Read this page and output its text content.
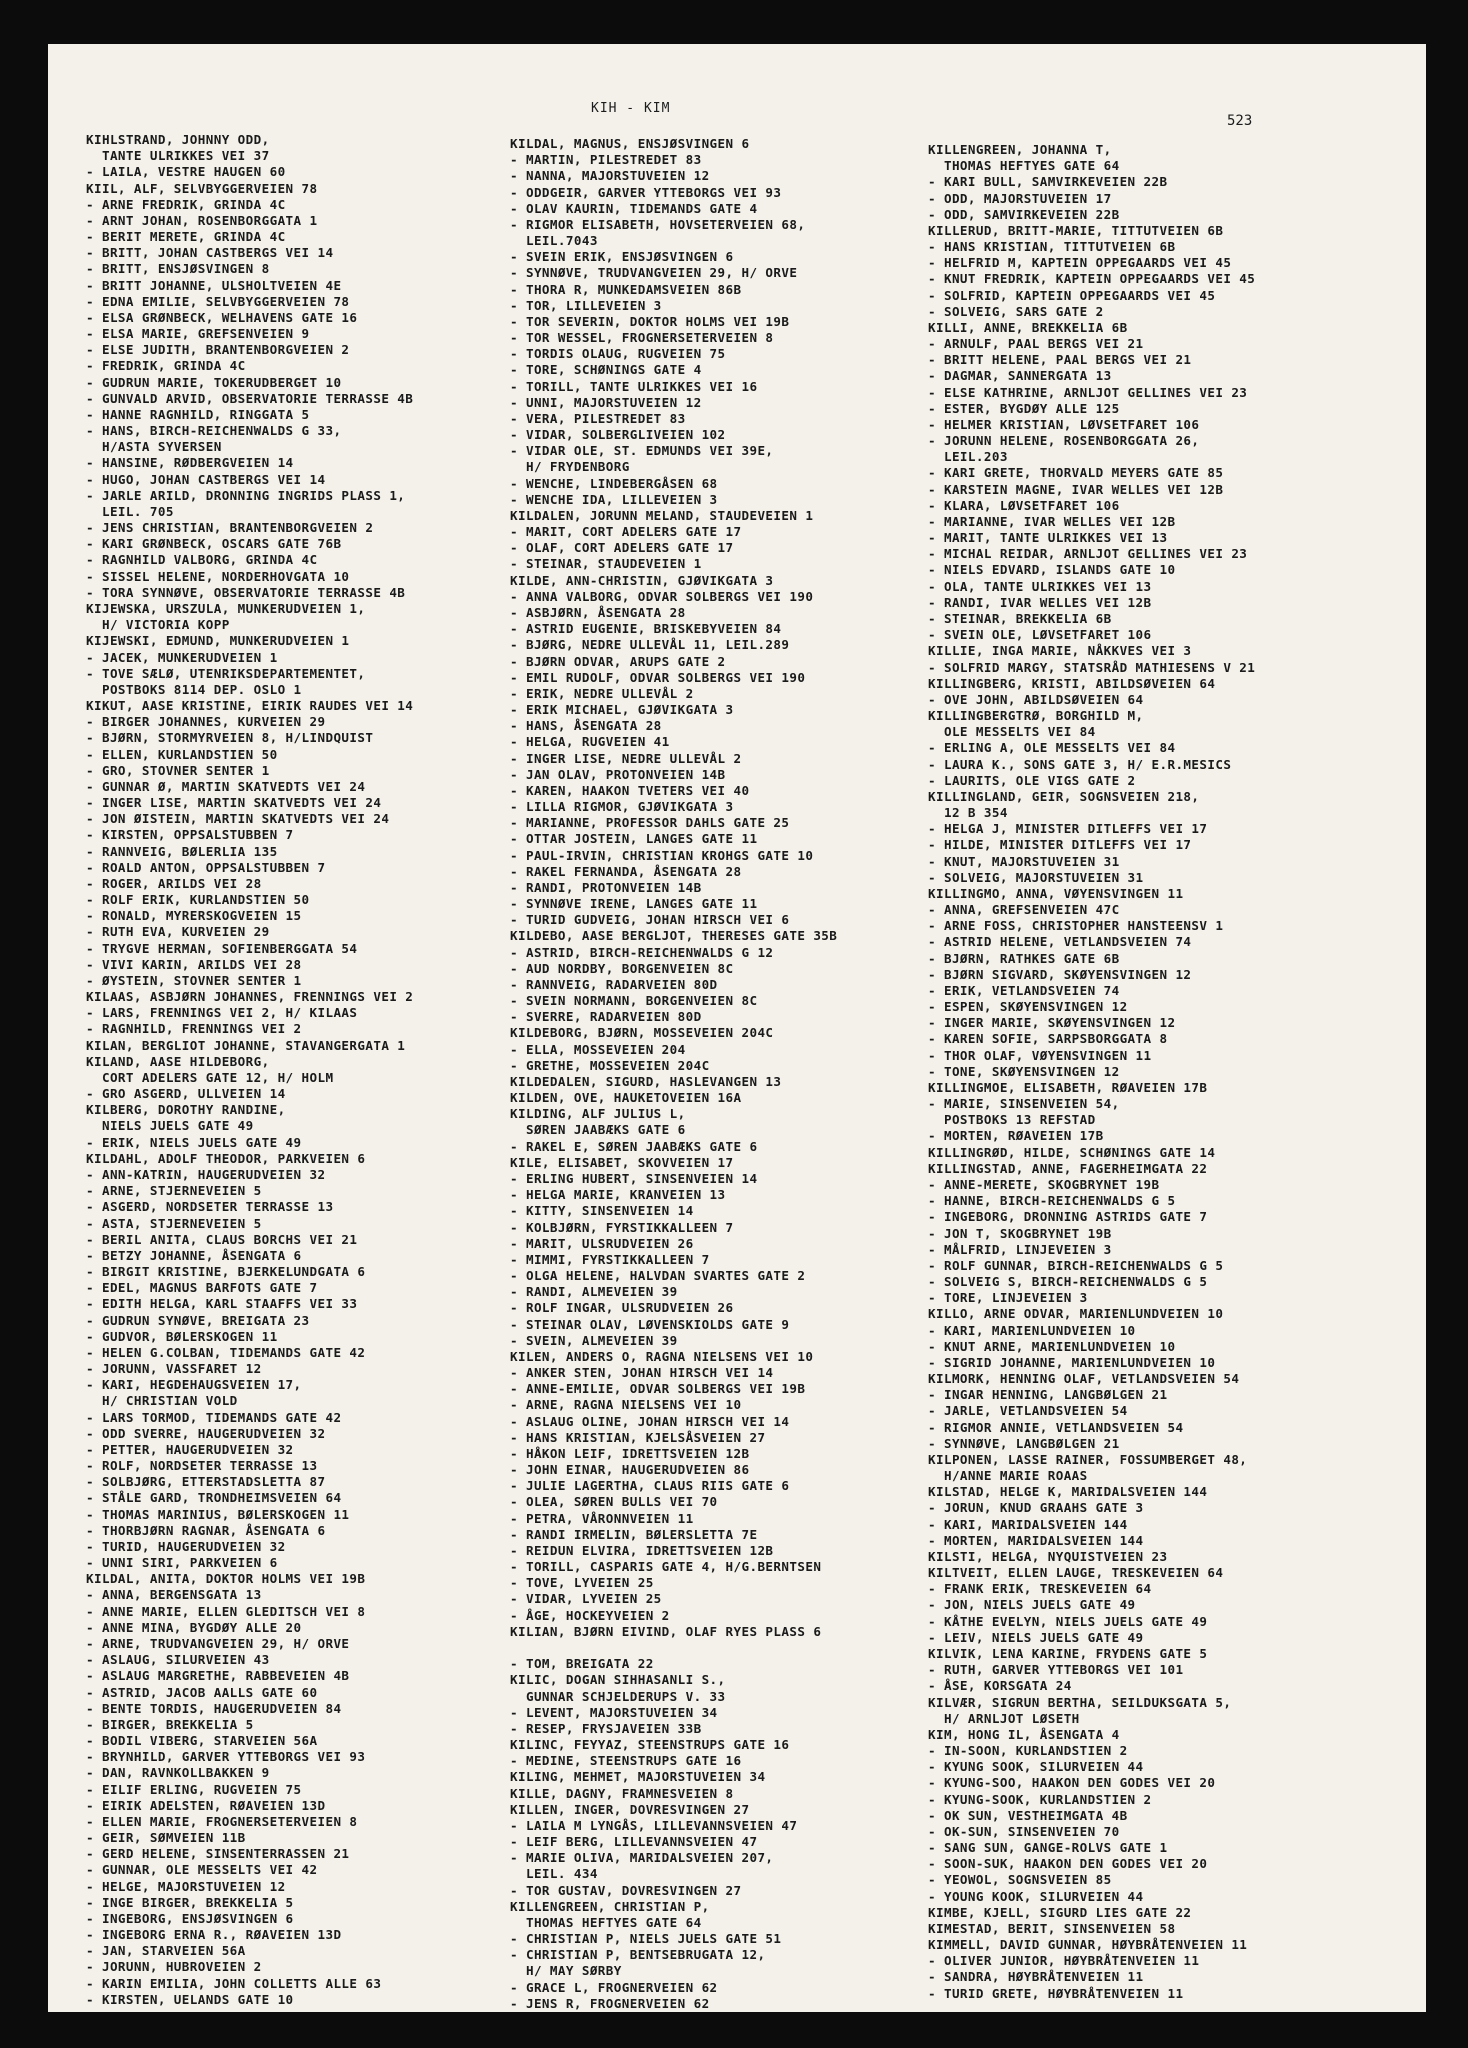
KIH - KIM
523
KIHLSTRAND, JOHNNY ODD,
TANTE ULRIKKES VEI 37
- LAILA, VESTRE HAUGEN 60
KIIL, ALF, SELVBYGGERVEIEN 78
- ARNE FREDRIK, GRINDA 4C
- ARNT JOHAN, ROSENBORGGATA 1
- BERIT MERETE, GRINDA 4C
- BRITT, JOHAN CASTBERGS VEI 14
- BRITT, ENSJØSVINGEN 8
- BRITT JOHANNE, ULSHOLTVEIEN 4E
- EDNA EMILIE, SELVBYGGERVEIEN 78
- ELSA GRØNBECK, WELHAVENS GATE 16
- ELSA MARIE, GREFSENVEIEN 9
- ELSE JUDITH, BRANTENBORGVEIEN 2
- FREDRIK, GRINDA 4C
- GUDRUN MARIE, TOKERUDBERGET 10
- GUNVALD ARVID, OBSERVATORIE TERRASSE 4B
- HANNE RAGNHILD, RINGGATA 5
- HANS, BIRCH-REICHENWALDS G 33,
H/ASTA SYVERSEN
- HANSINE, RØDBERGVEIEN 14
- HUGO, JOHAN CASTBERGS VEI 14
- JARLE ARILD, DRONNING INGRIDS PLASS 1,
LEIL. 705
- JENS CHRISTIAN, BRANTENBORGVEIEN 2
- KARI GRØNBECK, OSCARS GATE 76B
- RAGNHILD VALBORG, GRINDA 4C
- SISSEL HELENE, NORDERHOVGATA 10
- TORA SYNNØVE, OBSERVATORIE TERRASSE 4B
KIJEWSKA, URSZULA, MUNKERUDVEIEN 1,
H/ VICTORIA KOPP
KIJEWSKI, EDMUND, MUNKERUDVEIEN 1
- JACEK, MUNKERUDVEIEN 1
- TOVE SÆLØ, UTENRIKSDEPARTEMENTET,
POSTBOKS 8114 DEP. OSLO 1
KIKUT, AASE KRISTINE, EIRIK RAUDES VEI 14
- BIRGER JOHANNES, KURVEIEN 29
- BJØRN, STORMYRVEIEN 8, H/LINDQUIST
- ELLEN, KURLANDSTIEN 50
- GRO, STOVNER SENTER 1
- GUNNAR Ø, MARTIN SKATVEDTS VEI 24
- INGER LISE, MARTIN SKATVEDTS VEI 24
- JON ØISTEIN, MARTIN SKATVEDTS VEI 24
- KIRSTEN, OPPSALSTUBBEN 7
- RANNVEIG, BØLERLIA 135
- ROALD ANTON, OPPSALSTUBBEN 7
- ROGER, ARILDS VEI 28
- ROLF ERIK, KURLANDSTIEN 50
- RONALD, MYRERSKOGVEIEN 15
- RUTH EVA, KURVEIEN 29
- TRYGVE HERMAN, SOFIENBERGGATA 54
- VIVI KARIN, ARILDS VEI 28
- ØYSTEIN, STOVNER SENTER 1
KILAAS, ASBJØRN JOHANNES, FRENNINGS VEI 2
- LARS, FRENNINGS VEI 2, H/ KILAAS
- RAGNHILD, FRENNINGS VEI 2
KILAN, BERGLIOT JOHANNE, STAVANGERGATA 1
KILAND, AASE HILDEBORG,
CORT ADELERS GATE 12, H/ HOLM
- GRO ASGERD, ULLVEIEN 14
KILBERG, DOROTHY RANDINE,
NIELS JUELS GATE 49
- ERIK, NIELS JUELS GATE 49
KILDAHL, ADOLF THEODOR, PARKVEIEN 6
- ANN-KATRIN, HAUGERUDVEIEN 32
- ARNE, STJERNEVEIEN 5
- ASGERD, NORDSETER TERRASSE 13
- ASTA, STJERNEVEIEN 5
- BERIL ANITA, CLAUS BORCHS VEI 21
- BETZY JOHANNE, ÅSENGATA 6
- BIRGIT KRISTINE, BJERKELUNDGATA 6
- EDEL, MAGNUS BARFOTS GATE 7
- EDITH HELGA, KARL STAAFFS VEI 33
- GUDRUN SYNØVE, BREIGATA 23
- GUDVOR, BØLERSKOGEN 11
- HELEN G.COLBAN, TIDEMANDS GATE 42
- JORUNN, VASSFARET 12
- KARI, HEGDEHAUGSVEIEN 17,
H/ CHRISTIAN VOLD
- LARS TORMOD, TIDEMANDS GATE 42
- ODD SVERRE, HAUGERUDVEIEN 32
- PETTER, HAUGERUDVEIEN 32
- ROLF, NORDSETER TERRASSE 13
- SOLBJØRG, ETTERSTADSLETTA 87
- STÅLE GARD, TRONDHEIMSVEIEN 64
- THOMAS MARINIUS, BØLERSKOGEN 11
- THORBJØRN RAGNAR, ÅSENGATA 6
- TURID, HAUGERUDVEIEN 32
- UNNI SIRI, PARKVEIEN 6
KILDAL, ANITA, DOKTOR HOLMS VEI 19B
- ANNA, BERGENSGATA 13
- ANNE MARIE, ELLEN GLEDITSCH VEI 8
- ANNE MINA, BYGDØY ALLE 20
- ARNE, TRUDVANGVEIEN 29, H/ ORVE
- ASLAUG, SILURVEIEN 43
- ASLAUG MARGRETHE, RABBEVEIEN 4B
- ASTRID, JACOB AALLS GATE 60
- BENTE TORDIS, HAUGERUDVEIEN 84
- BIRGER, BREKKELIA 5
- BODIL VIBERG, STARVEIEN 56A
- BRYNHILD, GARVER YTTEBORGS VEI 93
- DAN, RAVNKOLLBAKKEN 9
- EILIF ERLING, RUGVEIEN 75
- EIRIK ADELSTEN, RØAVEIEN 13D
- ELLEN MARIE, FROGNERSETERVEIEN 8
- GEIR, SØMVEIEN 11B
- GERD HELENE, SINSENTERRASSEN 21
- GUNNAR, OLE MESSELTS VEI 42
- HELGE, MAJORSTUVEIEN 12
- INGE BIRGER, BREKKELIA 5
- INGEBORG, ENSJØSVINGEN 6
- INGEBORG ERNA R., RØAVEIEN 13D
- JAN, STARVEIEN 56A
- JORUNN, HUBROVEIEN 2
- KARIN EMILIA, JOHN COLLETTS ALLE 63
- KIRSTEN, UELANDS GATE 10
KILDAL, MAGNUS, ENSJØSVINGEN 6
- MARTIN, PILESTREDET 83
- NANNA, MAJORSTUVEIEN 12
- ODDGEIR, GARVER YTTEBORGS VEI 93
- OLAV KAURIN, TIDEMANDS GATE 4
- RIGMOR ELISABETH, HOVSETERVEIEN 68,
LEIL.7043
- SVEIN ERIK, ENSJØSVINGEN 6
- SYNNØVE, TRUDVANGVEIEN 29, H/ ORVE
- THORA R, MUNKEDAMSVEIEN 86B
- TOR, LILLEVEIEN 3
- TOR SEVERIN, DOKTOR HOLMS VEI 19B
- TOR WESSEL, FROGNERSETERVEIEN 8
- TORDIS OLAUG, RUGVEIEN 75
- TORE, SCHØNINGS GATE 4
- TORILL, TANTE ULRIKKES VEI 16
- UNNI, MAJORSTUVEIEN 12
- VERA, PILESTREDET 83
- VIDAR, SOLBERGLIVEIEN 102
- VIDAR OLE, ST. EDMUNDS VEI 39E,
H/ FRYDENBORG
- WENCHE, LINDEBERGÅSEN 68
- WENCHE IDA, LILLEVEIEN 3
KILDALEN, JORUNN MELAND, STAUDEVEIEN 1
- MARIT, CORT ADELERS GATE 17
- OLAF, CORT ADELERS GATE 17
- STEINAR, STAUDEVEIEN 1
KILDE, ANN-CHRISTIN, GJØVIKGATA 3
- ANNA VALBORG, ODVAR SOLBERGS VEI 190
- ASBJØRN, ÅSENGATA 28
- ASTRID EUGENIE, BRISKEBYVEIEN 84
- BJØRG, NEDRE ULLEVÅL 11, LEIL.289
- BJØRN ODVAR, ARUPS GATE 2
- EMIL RUDOLF, ODVAR SOLBERGS VEI 190
- ERIK, NEDRE ULLEVÅL 2
- ERIK MICHAEL, GJØVIKGATA 3
- HANS, ÅSENGATA 28
- HELGA, RUGVEIEN 41
- INGER LISE, NEDRE ULLEVÅL 2
- JAN OLAV, PROTONVEIEN 14B
- KAREN, HAAKON TVETERS VEI 40
- LILLA RIGMOR, GJØVIKGATA 3
- MARIANNE, PROFESSOR DAHLS GATE 25
- OTTAR JOSTEIN, LANGES GATE 11
- PAUL-IRVIN, CHRISTIAN KROHGS GATE 10
- RAKEL FERNANDA, ÅSENGATA 28
- RANDI, PROTONVEIEN 14B
- SYNNØVE IRENE, LANGES GATE 11
- TURID GUDVEIG, JOHAN HIRSCH VEI 6
KILDEBO, AASE BERGLJOT, THERESES GATE 35B
- ASTRID, BIRCH-REICHENWALDS G 12
- AUD NORDBY, BORGENVEIEN 8C
- RANNVEIG, RADARVEIEN 80D
- SVEIN NORMANN, BORGENVEIEN 8C
- SVERRE, RADARVEIEN 80D
KILDEBORG, BJØRN, MOSSEVEIEN 204C
- ELLA, MOSSEVEIEN 204
- GRETHE, MOSSEVEIEN 204C
KILDEDALEN, SIGURD, HASLEVANGEN 13
KILDEN, OVE, HAUKETOVEIEN 16A
KILDING, ALF JULIUS L,
SØREN JAABÆKS GATE 6
- RAKEL E, SØREN JAABÆKS GATE 6
KILE, ELISABET, SKOVVEIEN 17
- ERLING HUBERT, SINSENVEIEN 14
- HELGA MARIE, KRANVEIEN 13
- KITTY, SINSENVEIEN 14
- KOLBJØRN, FYRSTIKKALLEEN 7
- MARIT, ULSRUDVEIEN 26
- MIMMI, FYRSTIKKALLEEN 7
- OLGA HELENE, HALVDAN SVARTES GATE 2
- RANDI, ALMEVEIEN 39
- ROLF INGAR, ULSRUDVEIEN 26
- STEINAR OLAV, LØVENSKIOLDS GATE 9
- SVEIN, ALMEVEIEN 39
KILEN, ANDERS O, RAGNA NIELSENS VEI 10
- ANKER STEN, JOHAN HIRSCH VEI 14
- ANNE-EMILIE, ODVAR SOLBERGS VEI 19B
- ARNE, RAGNA NIELSENS VEI 10
- ASLAUG OLINE, JOHAN HIRSCH VEI 14
- HANS KRISTIAN, KJELSÅSVEIEN 27
- HÅKON LEIF, IDRETTSVEIEN 12B
- JOHN EINAR, HAUGERUDVEIEN 86
- JULIE LAGERTHA, CLAUS RIIS GATE 6
- OLEA, SØREN BULLS VEI 70
- PETRA, VÅRONNVEIEN 11
- RANDI IRMELIN, BØLERSLETTA 7E
- REIDUN ELVIRA, IDRETTSVEIEN 12B
- TORILL, CASPARIS GATE 4, H/G.BERNTSEN
- TOVE, LYVEIEN 25
- VIDAR, LYVEIEN 25
- ÅGE, HOCKEYVEIEN 2
KILIAN, BJØRN EIVIND, OLAF RYES PLASS 6
- TOM, BREIGATA 22
KILIC, DOGAN SIHHASANLI S.,
GUNNAR SCHJELDERUPS V. 33
- LEVENT, MAJORSTUVEIEN 34
- RESEP, FRYSJAVEIEN 33B
KILINC, FEYYAZ, STEENSTRUPS GATE 16
- MEDINE, STEENSTRUPS GATE 16
KILING, MEHMET, MAJORSTUVEIEN 34
KILLE, DAGNY, FRAMNESVEIEN 8
KILLEN, INGER, DOVRESVINGEN 27
- LAILA M LYNGÅS, LILLEVANNSVEIEN 47
- LEIF BERG, LILLEVANNSVEIEN 47
- MARIE OLIVA, MARIDALSVEIEN 207,
LEIL. 434
- TOR GUSTAV, DOVRESVINGEN 27
KILLENGREEN, CHRISTIAN P,
THOMAS HEFTYES GATE 64
- CHRISTIAN P, NIELS JUELS GATE 51
- CHRISTIAN P, BENTSEBRUGATA 12,
H/ MAY SØRBY
- GRACE L, FROGNERVEIEN 62
- JENS R, FROGNERVEIEN 62
KILLENGREEN, JOHANNA T,
THOMAS HEFTYES GATE 64
- KARI BULL, SAMVIRKEVEIEN 22B
- ODD, MAJORSTUVEIEN 17
- ODD, SAMVIRKEVEIEN 22B
KILLERUD, BRITT-MARIE, TITTUTVEIEN 6B
- HANS KRISTIAN, TITTUTVEIEN 6B
- HELFRID M, KAPTEIN OPPEGAARDS VEI 45
- KNUT FREDRIK, KAPTEIN OPPEGAARDS VEI 45
- SOLFRID, KAPTEIN OPPEGAARDS VEI 45
- SOLVEIG, SARS GATE 2
KILLI, ANNE, BREKKELIA 6B
- ARNULF, PAAL BERGS VEI 21
- BRITT HELENE, PAAL BERGS VEI 21
- DAGMAR, SANNERGATA 13
- ELSE KATHRINE, ARNLJOT GELLINES VEI 23
- ESTER, BYGDØY ALLE 125
- HELMER KRISTIAN, LØVSETFARET 106
- JORUNN HELENE, ROSENBORGGATA 26,
LEIL.203
- KARI GRETE, THORVALD MEYERS GATE 85
- KARSTEIN MAGNE, IVAR WELLES VEI 12B
- KLARA, LØVSETFARET 106
- MARIANNE, IVAR WELLES VEI 12B
- MARIT, TANTE ULRIKKES VEI 13
- MICHAL REIDAR, ARNLJOT GELLINES VEI 23
- NIELS EDVARD, ISLANDS GATE 10
- OLA, TANTE ULRIKKES VEI 13
- RANDI, IVAR WELLES VEI 12B
- STEINAR, BREKKELIA 6B
- SVEIN OLE, LØVSETFARET 106
KILLIE, INGA MARIE, NÅKKVES VEI 3
- SOLFRID MARGY, STATSRÅD MATHIESENS V 21
KILLINGBERG, KRISTI, ABILDSØVEIEN 64
- OVE JOHN, ABILDSØVEIEN 64
KILLINGBERGTRØ, BORGHILD M,
OLE MESSELTS VEI 84
- ERLING A, OLE MESSELTS VEI 84
- LAURA K., SONS GATE 3, H/ E.R.MESICS
- LAURITS, OLE VIGS GATE 2
KILLINGLAND, GEIR, SOGNSVEIEN 218,
12 B 354
- HELGA J, MINISTER DITLEFFS VEI 17
- HILDE, MINISTER DITLEFFS VEI 17
- KNUT, MAJORSTUVEIEN 31
- SOLVEIG, MAJORSTUVEIEN 31
KILLINGMO, ANNA, VØYENSVINGEN 11
- ANNA, GREFSENVEIEN 47C
- ARNE FOSS, CHRISTOPHER HANSTEENSV 1
- ASTRID HELENE, VETLANDSVEIEN 74
- BJØRN, RATHKES GATE 6B
- BJØRN SIGVARD, SKØYENSVINGEN 12
- ERIK, VETLANDSVEIEN 74
- ESPEN, SKØYENSVINGEN 12
- INGER MARIE, SKØYENSVINGEN 12
- KAREN SOFIE, SARPSBORGGATA 8
- THOR OLAF, VØYENSVINGEN 11
- TONE, SKØYENSVINGEN 12
KILLINGMOE, ELISABETH, RØAVEIEN 17B
- MARIE, SINSENVEIEN 54,
POSTBOKS 13 REFSTAD
- MORTEN, RØAVEIEN 17B
KILLINGRØD, HILDE, SCHØNINGS GATE 14
KILLINGSTAD, ANNE, FAGERHEIMGATA 22
- ANNE-MERETE, SKOGBRYNET 19B
- HANNE, BIRCH-REICHENWALDS G 5
- INGEBORG, DRONNING ASTRIDS GATE 7
- JON T, SKOGBRYNET 19B
- MÅLFRID, LINJEVEIEN 3
- ROLF GUNNAR, BIRCH-REICHENWALDS G 5
- SOLVEIG S, BIRCH-REICHENWALDS G 5
- TORE, LINJEVEIEN 3
KILLO, ARNE ODVAR, MARIENLUNDVEIEN 10
- KARI, MARIENLUNDVEIEN 10
- KNUT ARNE, MARIENLUNDVEIEN 10
- SIGRID JOHANNE, MARIENLUNDVEIEN 10
KILMORK, HENNING OLAF, VETLANDSVEIEN 54
- INGAR HENNING, LANGBØLGEN 21
- JARLE, VETLANDSVEIEN 54
- RIGMOR ANNIE, VETLANDSVEIEN 54
- SYNNØVE, LANGBØLGEN 21
KILPONEN, LASSE RAINER, FOSSUMBERGET 48,
H/ANNE MARIE ROAAS
KILSTAD, HELGE K, MARIDALSVEIEN 144
- JORUN, KNUD GRAAHS GATE 3
- KARI, MARIDALSVEIEN 144
- MORTEN, MARIDALSVEIEN 144
KILSTI, HELGA, NYQUISTVEIEN 23
KILTVEIT, ELLEN LAUGE, TRESKEVEIEN 64
- FRANK ERIK, TRESKEVEIEN 64
- JON, NIELS JUELS GATE 49
- KÅTHE EVELYN, NIELS JUELS GATE 49
- LEIV, NIELS JUELS GATE 49
KILVIK, LENA KARINE, FRYDENS GATE 5
- RUTH, GARVER YTTEBORGS VEI 101
- ÅSE, KORSGATA 24
KILVÆR, SIGRUN BERTHA, SEILDUKSGATA 5,
H/ ARNLJOT LØSETH
KIM, HONG IL, ÅSENGATA 4
- IN-SOON, KURLANDSTIEN 2
- KYUNG SOOK, SILURVEIEN 44
- KYUNG-SOO, HAAKON DEN GODES VEI 20
- KYUNG-SOOK, KURLANDSTIEN 2
- OK SUN, VESTHEIMGATA 4B
- OK-SUN, SINSENVEIEN 70
- SANG SUN, GANGE-ROLVS GATE 1
- SOON-SUK, HAAKON DEN GODES VEI 20
- YEOWOL, SOGNSVEIEN 85
- YOUNG KOOK, SILURVEIEN 44
KIMBE, KJELL, SIGURD LIES GATE 22
KIMESTAD, BERIT, SINSENVEIEN 58
KIMMELL, DAVID GUNNAR, HØYBRÅTENVEIEN 11
- OLIVER JUNIOR, HØYBRÅTENVEIEN 11
- SANDRA, HØYBRÅTENVEIEN 11
- TURID GRETE, HØYBRÅTENVEIEN 11
